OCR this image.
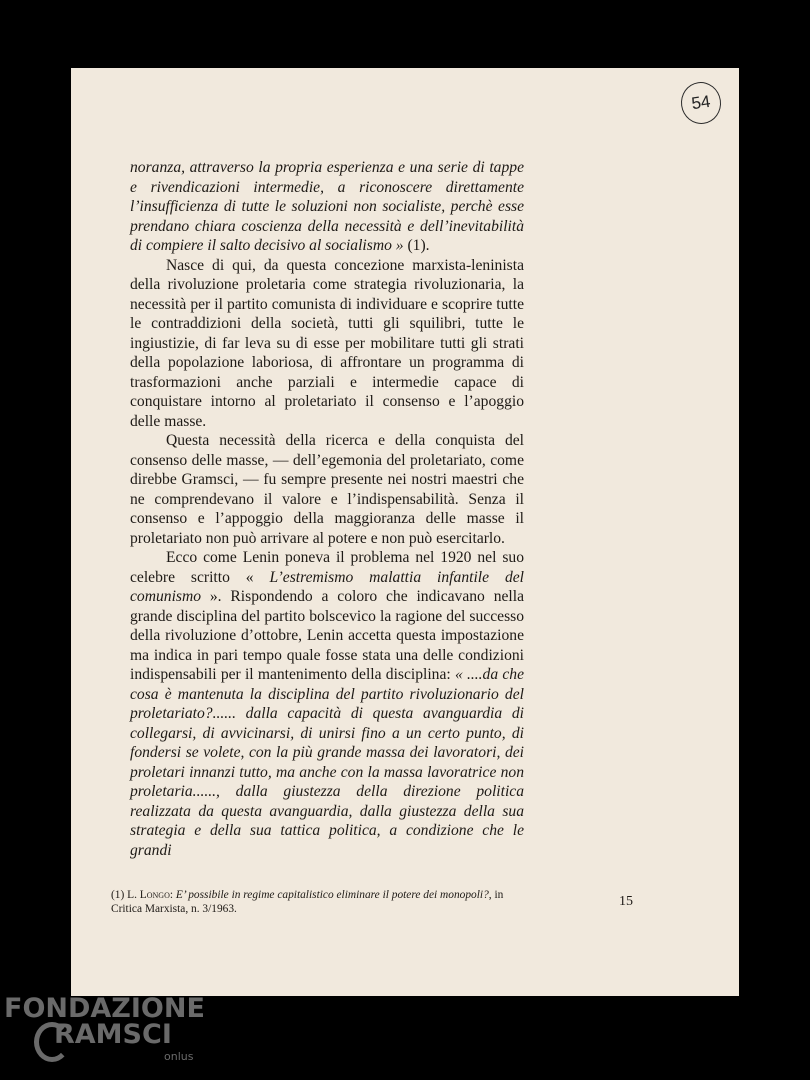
54

noranza, attraverso la propria esperienza e una serie di tappe e rivendicazioni intermedie, a riconoscere direttamente l’insufficienza di tutte le soluzioni non socialiste, perchè esse prendano chiara coscienza della necessità e dell’inevitabilità di compiere il salto decisivo al socialismo » (1).

Nasce di qui, da questa concezione marxista-leninista della rivoluzione proletaria come strategia rivoluzionaria, la necessità per il partito comunista di individuare e scoprire tutte le contraddizioni della società, tutti gli squilibri, tutte le ingiustizie, di far leva su di esse per mobilitare tutti gli strati della popolazione laboriosa, di affrontare un programma di trasformazioni anche parziali e intermedie capace di conquistare intorno al proletariato il consenso e l’apoggio delle masse.

Questa necessità della ricerca e della conquista del consenso delle masse, — dell’egemonia del proletariato, come direbbe Gramsci, — fu sempre presente nei nostri maestri che ne comprendevano il valore e l’indispensabilità. Senza il consenso e l’appoggio della maggioranza delle masse il proletariato non può arrivare al potere e non può esercitarlo.

Ecco come Lenin poneva il problema nel 1920 nel suo celebre scritto « L’estremismo malattia infantile del comunismo ». Rispondendo a coloro che indicavano nella grande disciplina del partito bolscevico la ragione del successo della rivoluzione d’ottobre, Lenin accetta questa impostazione ma indica in pari tempo quale fosse stata una delle condizioni indispensabili per il mantenimento della disciplina: « ....da che cosa è mantenuta la disciplina del partito rivoluzionario del proletariato?...... dalla capacità di questa avanguardia di collegarsi, di avvicinarsi, di unirsi fino a un certo punto, di fondersi se volete, con la più grande massa dei lavoratori, dei proletari innanzi tutto, ma anche con la massa lavoratrice non proletaria......, dalla giustezza della direzione politica realizzata da questa avanguardia, dalla giustezza della sua strategia e della sua tattica politica, a condizione che le grandi

(1) L. Longo: E’ possibile in regime capitalistico eliminare il potere dei monopoli?, in Critica Marxista, n. 3/1963.	15
FONDAZIONE
RAMSCI
onlus
